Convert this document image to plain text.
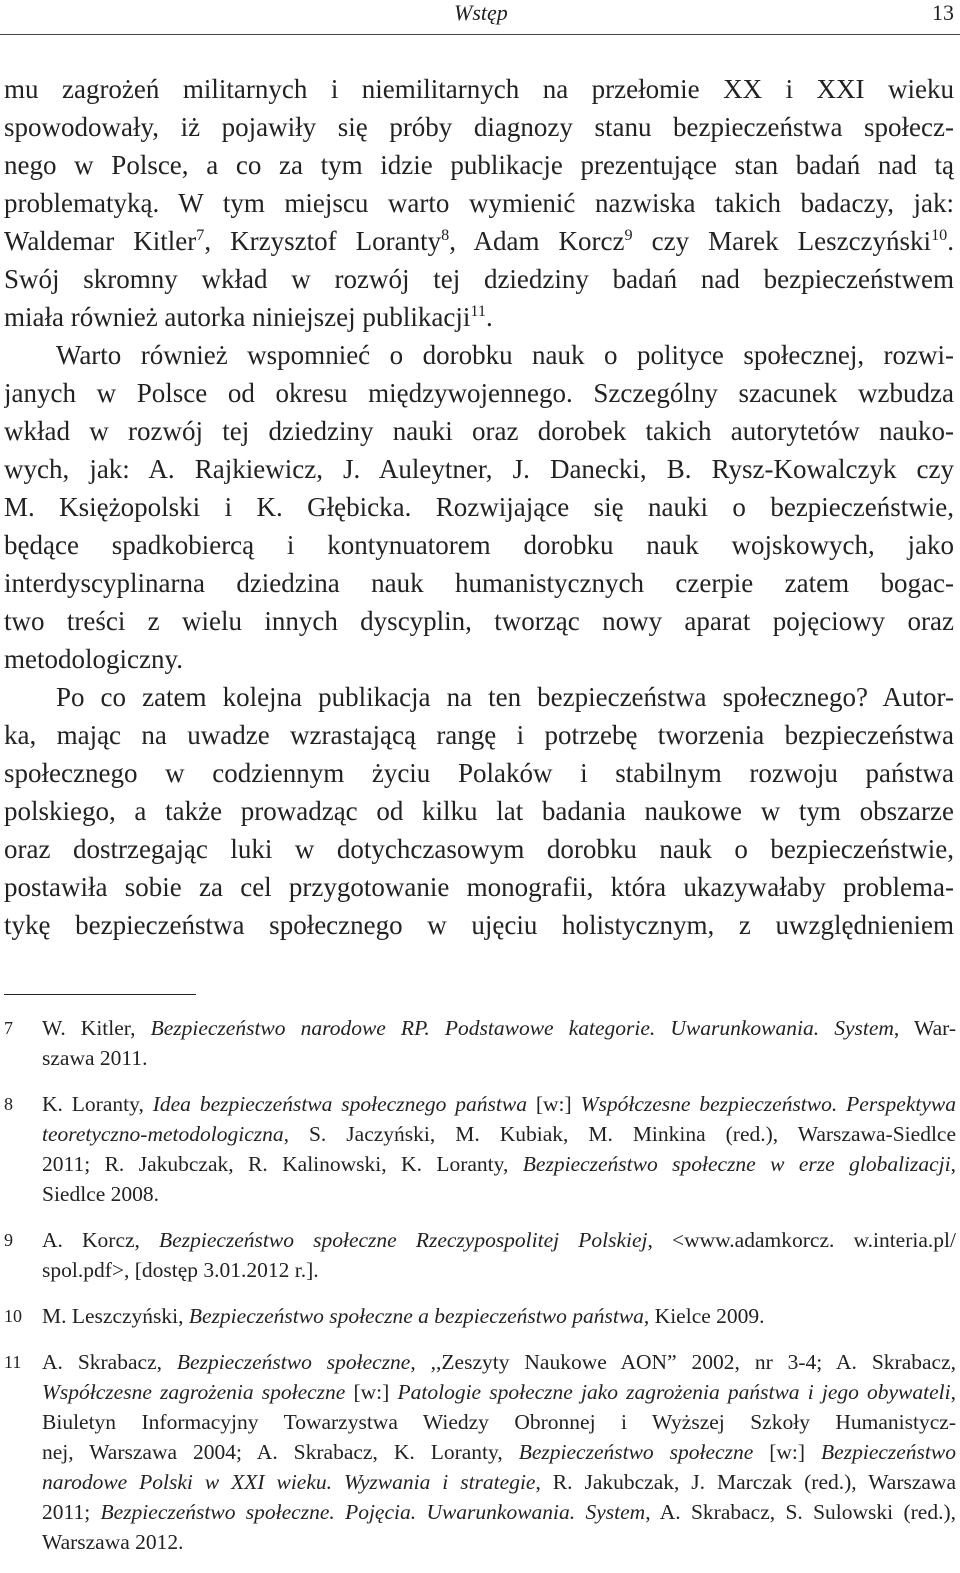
Wstęp	13
mu zagrożeń militarnych i niemilitarnych na przełomie XX i XXI wieku
spowodowały, iż pojawiły się próby diagnozy stanu bezpieczeństwa społecz-
nego w Polsce, a co za tym idzie publikacje prezentujące stan badań nad tą
problematyką. W tym miejscu warto wymienić nazwiska takich badaczy, jak:
Waldemar Kitler$^7$, Krzysztof Loranty$^8$, Adam Korcz$^9$ czy Marek Leszczyński$^{10}$.
Swój skromny wkład w rozwój tej dziedziny badań nad bezpieczeństwem
miała również autorka niniejszej publikacji$^{11}$.
Warto również wspomnieć o dorobku nauk o polityce społecznej, rozwi-
janych w Polsce od okresu międzywojennego. Szczególny szacunek wzbudza
wkład w rozwój tej dziedziny nauki oraz dorobek takich autorytetów nauko-
wych, jak: A. Rajkiewicz, J. Auleytner, J. Danecki, B. Rysz-Kowalczyk czy
M. Księżopolski i K. Głębicka. Rozwijające się nauki o bezpieczeństwie,
będące spadkobiercą i kontynuatorem dorobku nauk wojskowych, jako
interdyscyplinarna dziedzina nauk humanistycznych czerpie zatem bogac-
two treści z wielu innych dyscyplin, tworząc nowy aparat pojęciowy oraz
metodologiczny.
Po co zatem kolejna publikacja na ten bezpieczeństwa społecznego? Autor-
ka, mając na uwadze wzrastającą rangę i potrzebę tworzenia bezpieczeństwa
społecznego w codziennym życiu Polaków i stabilnym rozwoju państwa
polskiego, a także prowadząc od kilku lat badania naukowe w tym obszarze
oraz dostrzegając luki w dotychczasowym dorobku nauk o bezpieczeństwie,
postawiła sobie za cel przygotowanie monografii, która ukazywałaby problema-
tykę bezpieczeństwa społecznego w ujęciu holistycznym, z uwzględnieniem
7 W. Kitler, Bezpieczeństwo narodowe RP. Podstawowe kategorie. Uwarunkowania. System, War-
szawa 2011.
8 K. Loranty, Idea bezpieczeństwa społecznego państwa [w:] Współczesne bezpieczeństwo. Perspektywa
teoretyczno-metodologiczna, S. Jaczyński, M. Kubiak, M. Minkina (red.), Warszawa-Siedlce
2011; R. Jakubczak, R. Kalinowski, K. Loranty, Bezpieczeństwo społeczne w erze globalizacji,
Siedlce 2008.
9 A. Korcz, Bezpieczeństwo społeczne Rzeczypospolitej Polskiej, <www.adamkorcz. w.interia.pl/
spol.pdf>, [dostęp 3.01.2012 r.].
10 M. Leszczyński, Bezpieczeństwo społeczne a bezpieczeństwo państwa, Kielce 2009.
11 A. Skrabacz, Bezpieczeństwo społeczne, ,,Zeszyty Naukowe AON” 2002, nr 3-4; A. Skrabacz,
Współczesne zagrożenia społeczne [w:] Patologie społeczne jako zagrożenia państwa i jego obywateli,
Biuletyn Informacyjny Towarzystwa Wiedzy Obronnej i Wyższej Szkoły Humanistycz-
nej, Warszawa 2004; A. Skrabacz, K. Loranty, Bezpieczeństwo społeczne [w:] Bezpieczeństwo
narodowe Polski w XXI wieku. Wyzwania i strategie, R. Jakubczak, J. Marczak (red.), Warszawa
2011; Bezpieczeństwo społeczne. Pojęcia. Uwarunkowania. System, A. Skrabacz, S. Sulowski (red.),
Warszawa 2012.
